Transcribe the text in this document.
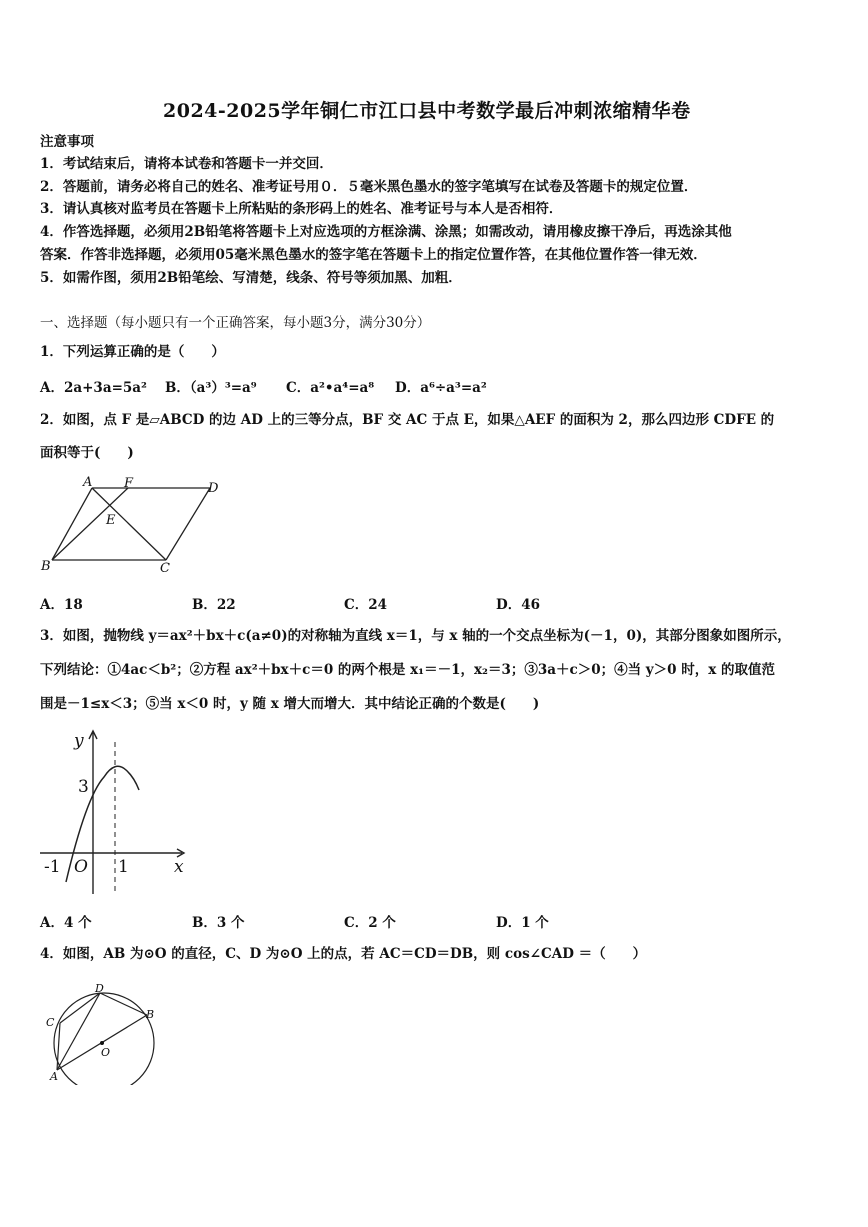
2024-2025学年铜仁市江口县中考数学最后冲刺浓缩精华卷
注意事项
1．考试结束后，请将本试卷和答题卡一并交回．
2．答题前，请务必将自己的姓名、准考证号用０．５毫米黑色墨水的签字笔填写在试卷及答题卡的规定位置．
3．请认真核对监考员在答题卡上所粘贴的条形码上的姓名、准考证号与本人是否相符．
4．作答选择题，必须用2B铅笔将答题卡上对应选项的方框涂满、涂黑；如需改动，请用橡皮擦干净后，再选涂其他
答案．作答非选择题，必须用05毫米黑色墨水的签字笔在答题卡上的指定位置作答，在其他位置作答一律无效．
5．如需作图，须用2B铅笔绘、写清楚，线条、符号等须加黑、加粗．
一、选择题（每小题只有一个正确答案，每小题3分，满分30分）
1．下列运算正确的是（　　）
A．2a+3a=5a² B．（a³）³=a⁹ C．a²•a⁴=a⁸ D．a⁶÷a³=a²
2．如图，点 F 是▱ABCD 的边 AD 上的三等分点，BF 交 AC 于点 E，如果△AEF 的面积为 2，那么四边形 CDFE 的
面积等于(　　)
A F	D
E
B	C
A．18	B．22	C．24	D．46
3．如图，抛物线 y＝ax²＋bx＋c(a≠0)的对称轴为直线 x＝1，与 x 轴的一个交点坐标为(－1，0)，其部分图象如图所示，
下列结论：①4ac＜b²；②方程 ax²＋bx＋c＝0 的两个根是 x₁＝－1，x₂＝3；③3a＋c＞0；④当 y＞0 时，x 的取值范
围是－1≤x＜3；⑤当 x＜0 时，y 随 x 增大而增大．其中结论正确的个数是(　　)
y
x
3
-1 O 1
A．4 个	B．3 个	C．2 个	D．1 个
4．如图，AB 为⊙O 的直径，C、D 为⊙O 上的点，若 AC＝CD＝DB，则 cos∠CAD ＝（　　）
D
C
B
O
A
